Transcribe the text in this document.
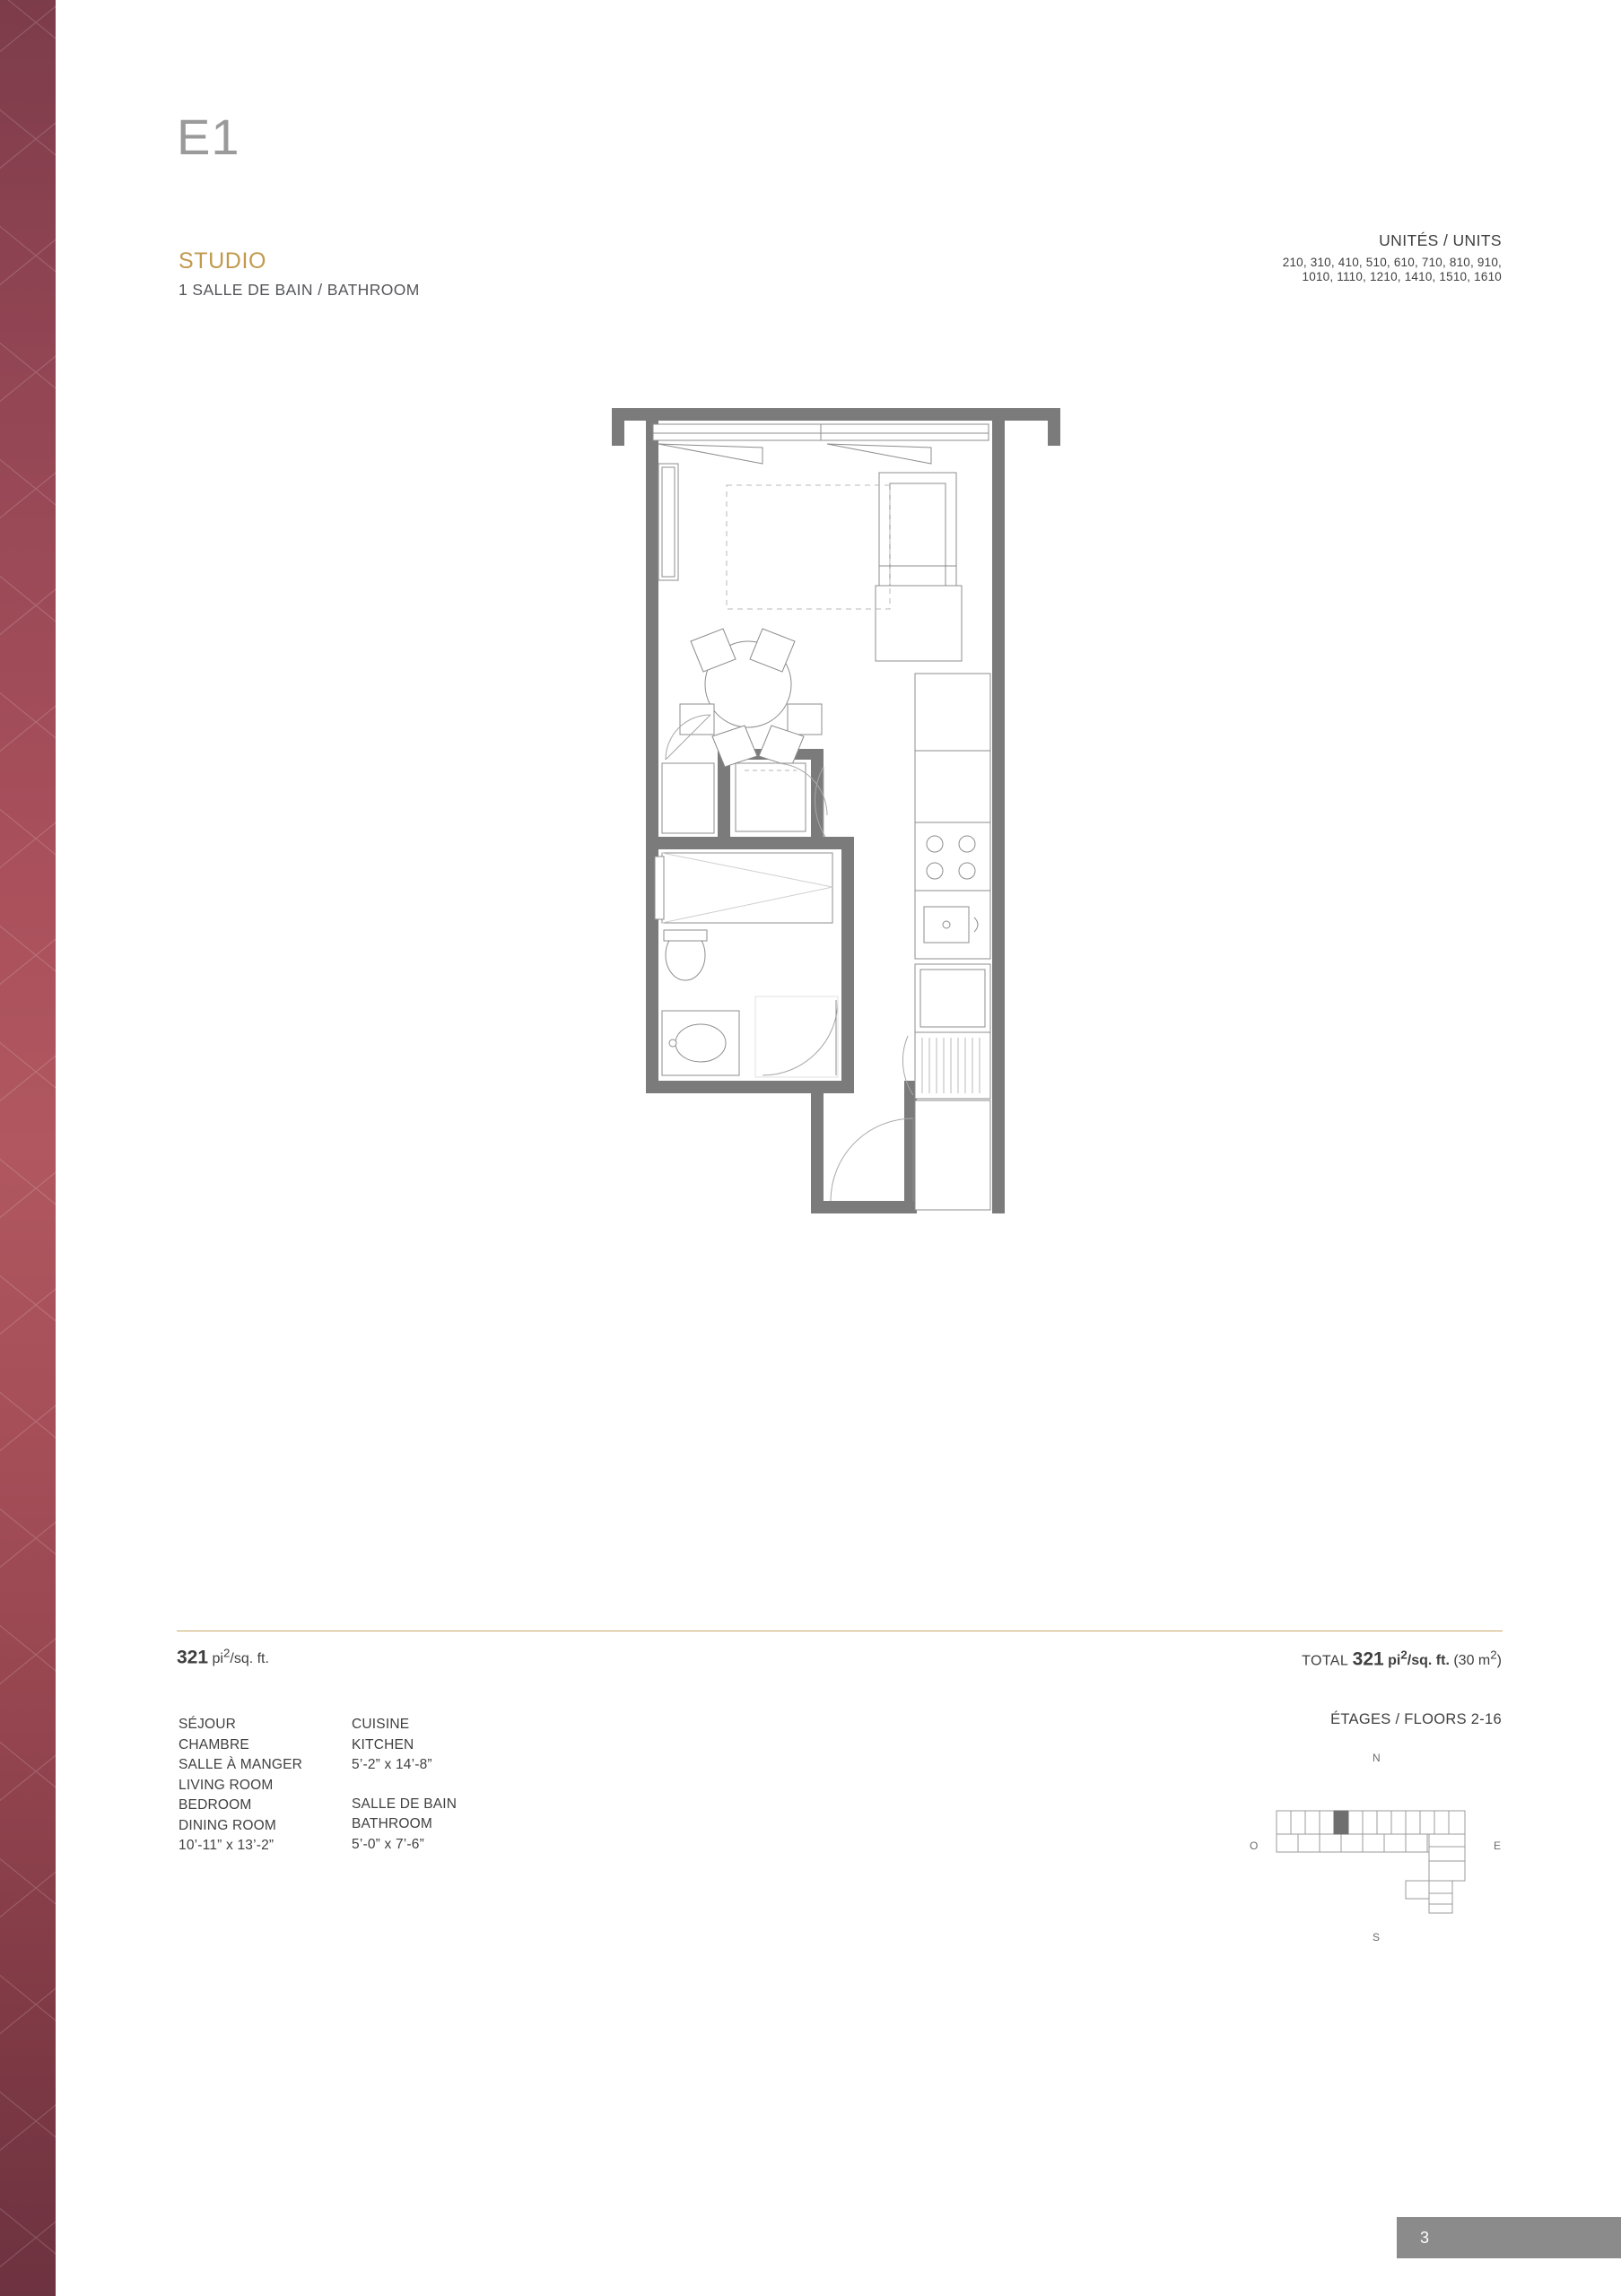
E1
STUDIO
1 SALLE DE BAIN / BATHROOM
UNITÉS / UNITS
210, 310, 410, 510, 610, 710, 810, 910,
1010, 1110, 1210, 1410, 1510, 1610
321 $pi^2/sq$. ft.	TOTAL 321 $pi^2/sq$. ft. (30 $m^2$)
SÉJOUR
CHAMBRE
SALLE À MANGER
LIVING ROOM
BEDROOM
DINING ROOM
10’-11” x 13’-2”
CUISINE
KITCHEN
5’-2” x 14’-8”
SALLE DE BAIN
BATHROOM
5’-0” x 7’-6”
ÉTAGES / FLOORS 2-16
N
S
E
O
3
